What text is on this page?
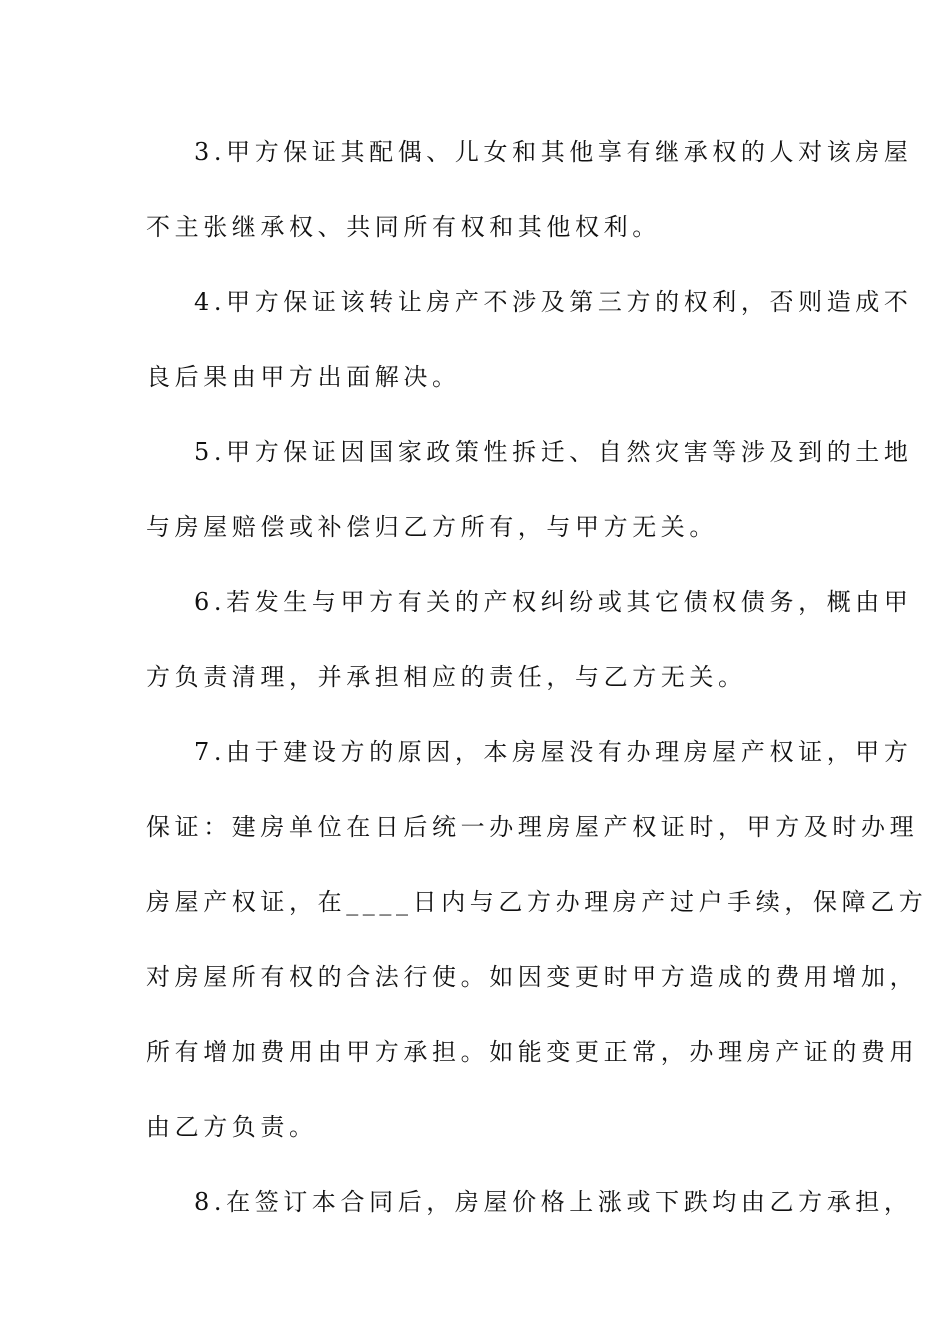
3.甲方保证其配偶、儿女和其他享有继承权的人对该房屋
不主张继承权、共同所有权和其他权利。
4.甲方保证该转让房产不涉及第三方的权利，否则造成不
良后果由甲方出面解决。
5.甲方保证因国家政策性拆迁、自然灾害等涉及到的土地
与房屋赔偿或补偿归乙方所有，与甲方无关。
6.若发生与甲方有关的产权纠纷或其它债权债务，概由甲
方负责清理，并承担相应的责任，与乙方无关。
7.由于建设方的原因，本房屋没有办理房屋产权证，甲方
保证：建房单位在日后统一办理房屋产权证时，甲方及时办理
房屋产权证，在____日内与乙方办理房产过户手续，保障乙方
对房屋所有权的合法行使。如因变更时甲方造成的费用增加，
所有增加费用由甲方承担。如能变更正常，办理房产证的费用
由乙方负责。
8.在签订本合同后，房屋价格上涨或下跌均由乙方承担，
